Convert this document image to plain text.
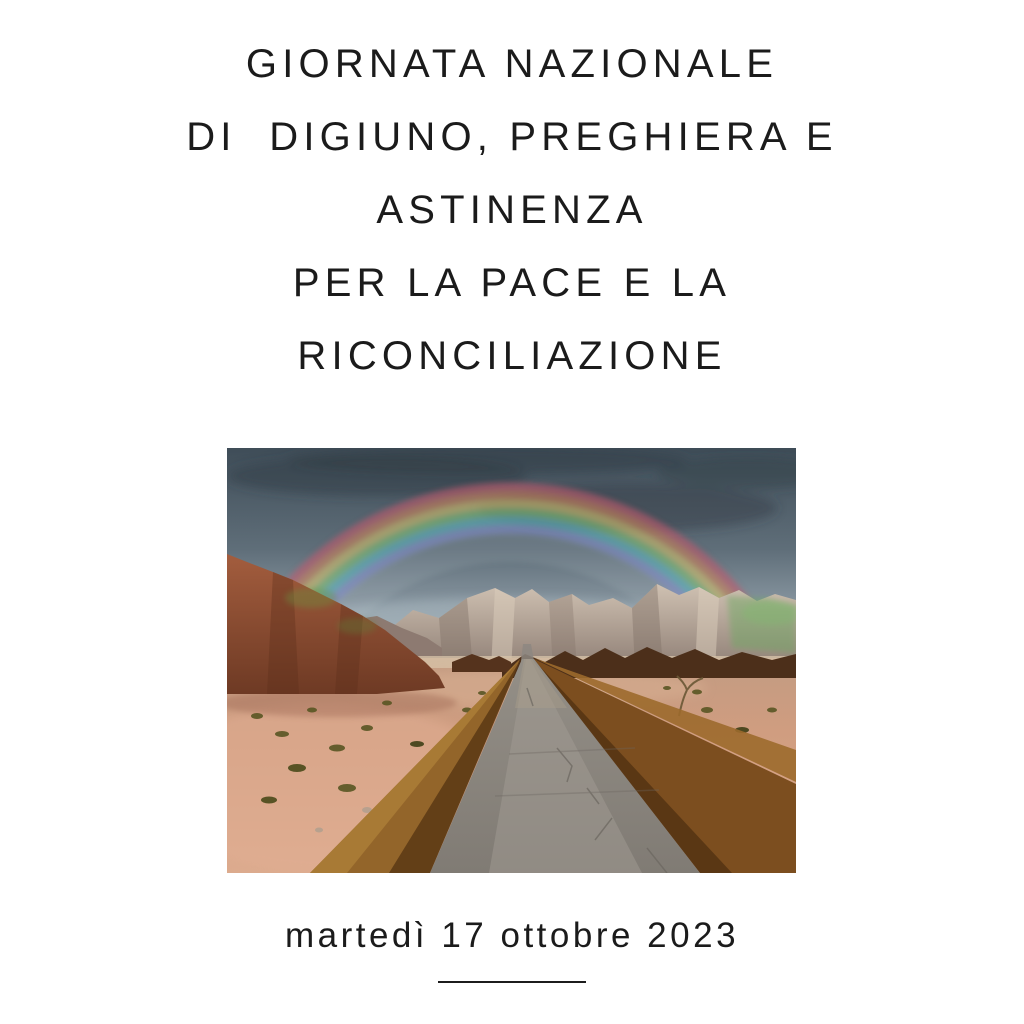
GIORNATA NAZIONALE
DI  DIGIUNO, PREGHIERA E
ASTINENZA
PER LA PACE E LA
RICONCILIAZIONE
martedì 17 ottobre 2023
